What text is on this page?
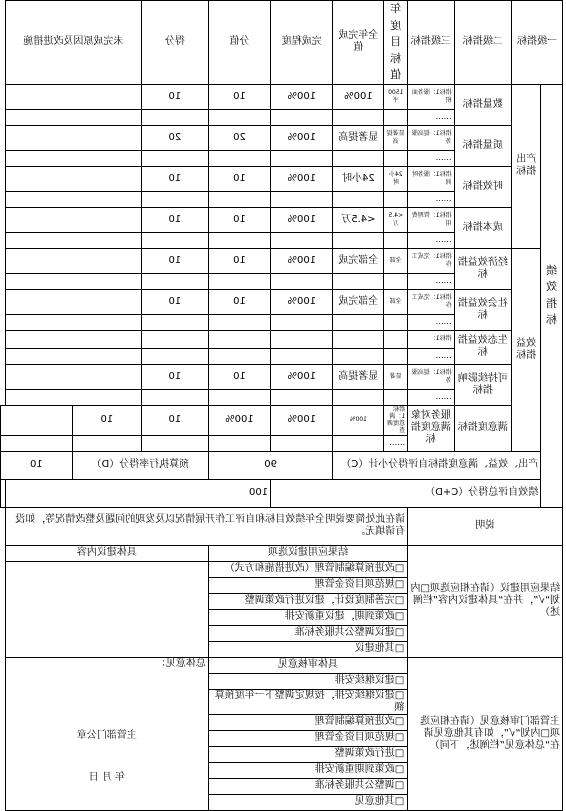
一级指标		二级指标	三级指标	年度目标值	全年完成值	完成程度	分值	得分	未完成原因及改进措施		

绩效指标	产出指标	数量指标	指标1：服务面积	1500平	100%	100%	10	10			
			……								
		质量指标	指标1：提高服务	显著提高	显著提高	100%	20	20			
			……								
		时效指标	指标1：服务时间	24小时	24小时	100%	10	10			
			……								
		成本指标	指标1：管理费用	<4.5万	<4.5万	100%	10	10			
			……								
	效益指标	经济效益指标	指标1：完成工作	全部	全部完成	100%	10	10			
			……								
		社会效益指标	指标1：完成工作	全部	全部完成	100%	10	10			
			……								
		生态效益指标	指标1：								
			……								
		可持续影响指标	指标1：提高服务	显著	显著提高	100%	10	10			
			……								
		满意度指标	服务对象满意度指标	指标1：满意度调查	100%	100%	100%	10	10		
				……							
	产出、效益、满意度指标自评得分小计（C）					90		预算执行率得分（D）		10	
	绩效自评总得分（C+D）						100				
说明				请在此处简要说明全年绩效目标和自评工作开展情况以及发现的问题及整改情况等，如没有请填无。							
结果应用建议（请在相应选项□内划“√”，并在“具体建议内容”栏阐述）				结果应用建议选项				具体建议内容			
				□改进预算编制管理（改进措施和方式）							
				□规范项目资金管理							
				□完善制度设计，建议进行政策调整							
				□政策到期，建议重新安排							
				□建议调整公共服务标准							
				□其他建议							
主管部门审核意见（请在相应选项□内划“√”，如有其他意见请在“总体意见”栏阐述，下同）				具体审核意见				总体意见：
主管部门公章
年 月 日			

				□建议继续安排							
				□建议继续安排，按规定调整下一年度预算额							
				□改进预算编制管理							
				□规范项目资金管理							
				□进行政策调整							
				□政策到期重新安排							
				□调整公共服务标准							
				□其他意见							
